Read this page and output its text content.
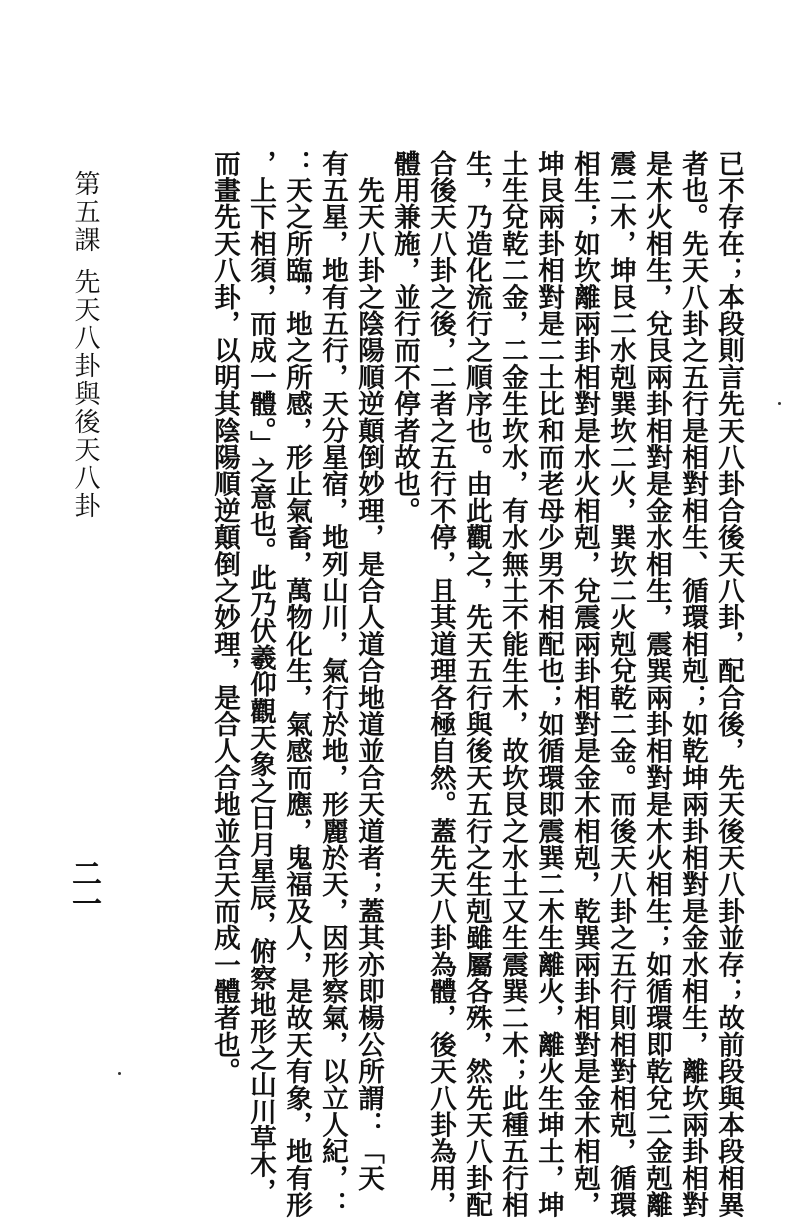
已不存在；本段則言先天八卦合後天八卦，配合後，先天後天八卦並存；故前段與本段相異
者也。先天八卦之五行是相對相生、循環相剋；如乾坤兩卦相對是金水相生，離坎兩卦相對
是木火相生，兌艮兩卦相對是金水相生，震巽兩卦相對是木火相生；如循環即乾兌二金剋離
震二木，坤艮二水剋巽坎二火，巽坎二火剋兌乾二金。而後天八卦之五行則相對相剋，循環
相生；如坎離兩卦相對是水火相剋，兌震兩卦相對是金木相剋，乾巽兩卦相對是金木相剋，
坤艮兩卦相對是二土比和而老母少男不相配也；如循環即震巽二木生離火，離火生坤土，坤
土生兌乾二金，二金生坎水，有水無土不能生木，故坎艮之水土又生震巽二木；此種五行相
生，乃造化流行之順序也。由此觀之，先天五行與後天五行之生剋雖屬各殊，然先天八卦配
合後天八卦之後，二者之五行不停，且其道理各極自然。蓋先天八卦為體，後天八卦為用，
體用兼施，並行而不停者故也。
　先天八卦之陰陽順逆顛倒妙理，是合人道合地道並合天道者；蓋其亦即楊公所謂：「天
有五星，地有五行，天分星宿，地列山川，氣行於地，形麗於天，因形察氣，以立人紀，：
：天之所臨，地之所感，形止氣畜，萬物化生，氣感而應，鬼福及人，是故天有象，地有形
，上下相須，而成一體。」之意也。此乃伏羲仰觀天象之日月星辰，俯察地形之山川草木，
而畫先天八卦，以明其陰陽順逆顛倒之妙理，是合人合地並合天而成一體者也。
第五課
先天八卦與後天八卦
二一
